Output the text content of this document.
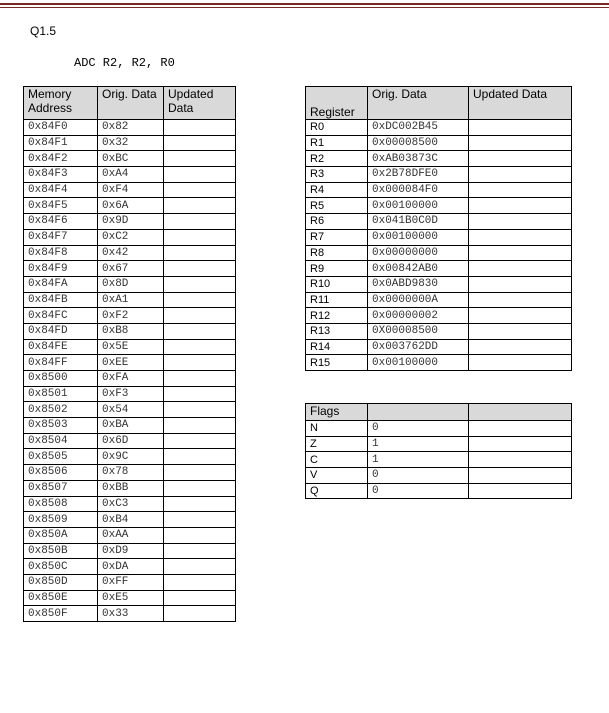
Q1.5
ADC R2, R2, R0
Memory Address	Orig. Data	Updated Data

0x84F0	0x82	
0x84F1	0x32	
0x84F2	0xBC	
0x84F3	0xA4	
0x84F4	0xF4	
0x84F5	0x6A	
0x84F6	0x9D	
0x84F7	0xC2	
0x84F8	0x42	
0x84F9	0x67	
0x84FA	0x8D	
0x84FB	0xA1	
0x84FC	0xF2	
0x84FD	0xB8	
0x84FE	0x5E	
0x84FF	0xEE	
0x8500	0xFA	
0x8501	0xF3	
0x8502	0x54	
0x8503	0xBA	
0x8504	0x6D	
0x8505	0x9C	
0x8506	0x78	
0x8507	0xBB	
0x8508	0xC3	
0x8509	0xB4	
0x850A	0xAA	
0x850B	0xD9	
0x850C	0xDA	
0x850D	0xFF	
0x850E	0xE5	
0x850F	0x33	
Register	Orig. Data	Updated Data

R0	0xDC002B45	
R1	0x00008500	
R2	0xAB03873C	
R3	0x2B78DFE0	
R4	0x000084F0	
R5	0x00100000	
R6	0x041B0C0D	
R7	0x00100000	
R8	0x00000000	
R9	0x00842AB0	
R10	0x0ABD9830	
R11	0x0000000A	
R12	0x00000002	
R13	0X00008500	
R14	0x003762DD	
R15	0x00100000	
Flags		
N	0	
Z	1	
C	1	
V	0	
Q	0	
